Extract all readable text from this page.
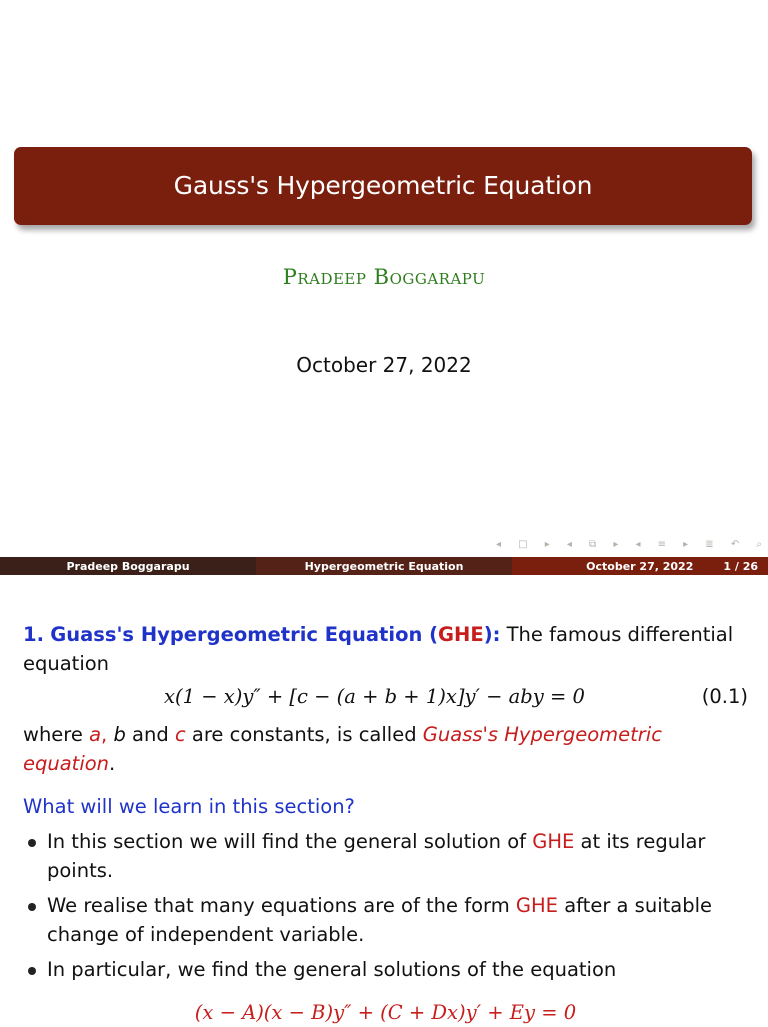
Gauss's Hypergeometric Equation
Pradeep Boggarapu
October 27, 2022
◂ □ ▸ ◂ ⧉ ▸ ◂ ≡ ▸ ≣ ↶ ⌕
Pradeep Boggarapu	Hypergeometric Equation	October 27, 2022	1 / 26
1. Guass's Hypergeometric Equation (GHE): The famous differential equation
x(1 − x)y″ + [c − (a + b + 1)x]y′ − aby = 0	(0.1)
where a, b and c are constants, is called Guass's Hypergeometric equation.
What will we learn in this section?
In this section we will find the general solution of GHE at its regular points.
We realise that many equations are of the form GHE after a suitable change of independent variable.
In particular, we find the general solutions of the equation
(x − A)(x − B)y″ + (C + Dx)y′ + Ey = 0
